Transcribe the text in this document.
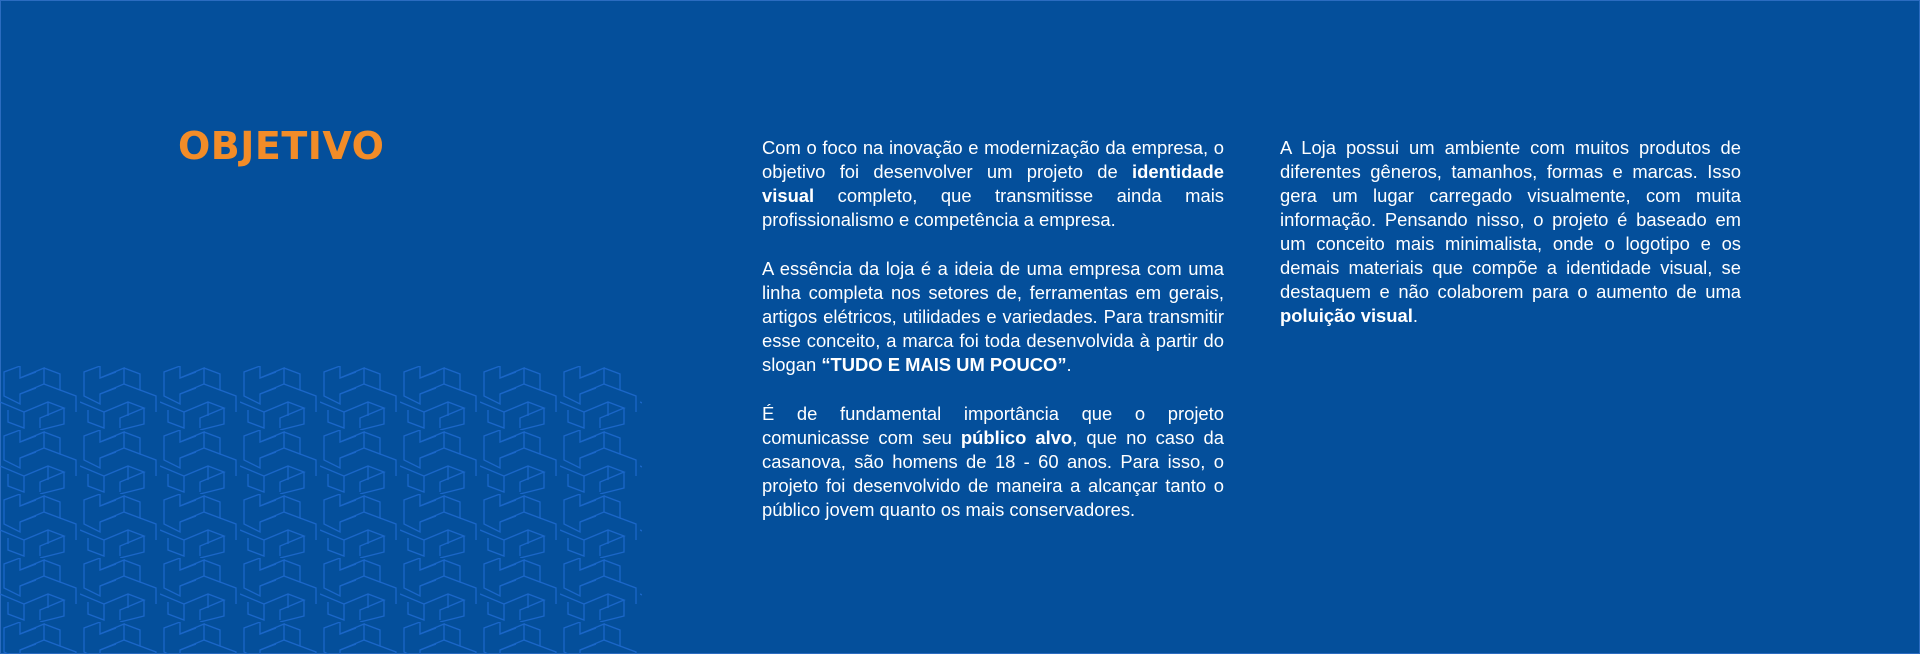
OBJETIVO	Com o foco na inovação e modernização da empresa, o objetivo foi desenvolver um projeto de identidade visual completo, que transmitisse ainda mais profissionalismo e competência a empresa.

A essência da loja é a ideia de uma empresa com uma linha completa nos setores de, ferramentas em gerais, artigos elétricos, utilidades e variedades. Para transmitir esse conceito, a marca foi toda desenvolvida à partir do slogan “TUDO E MAIS UM POUCO”.

É de fundamental importância que o projeto comunicasse com seu público alvo, que no caso da casanova, são homens de 18 - 60 anos. Para isso, o projeto foi desenvolvido de maneira a alcançar tanto o público jovem quanto os mais conservadores.

A Loja possui um ambiente com muitos produtos de diferentes gêneros, tamanhos, formas e marcas. Isso gera um lugar carregado visualmente, com muita informação. Pensando nisso, o projeto é baseado em um conceito mais minimalista, onde o logotipo e os demais materiais que compõe a identidade visual, se destaquem e não colaborem para o aumento de uma poluição visual.
